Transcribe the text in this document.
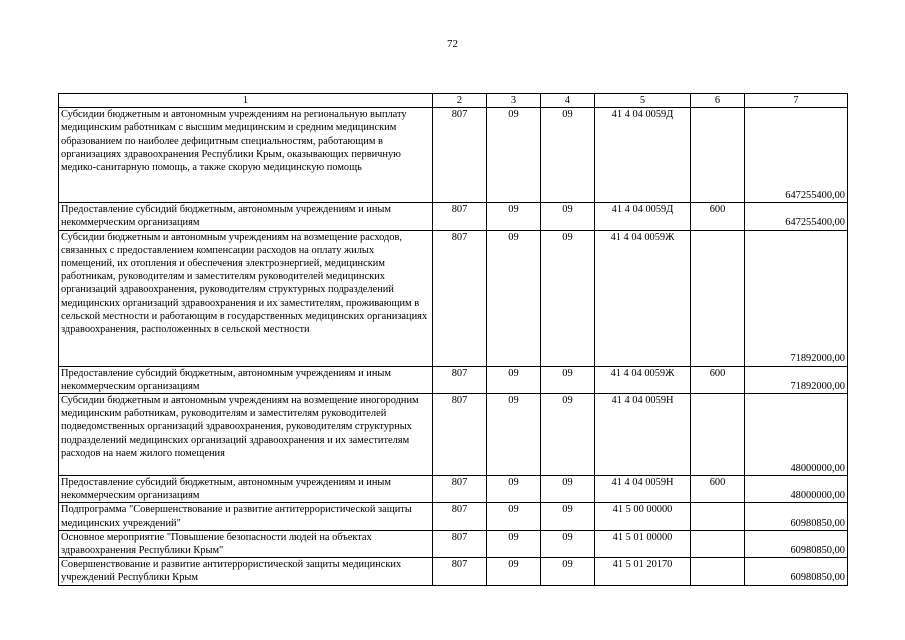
72
1	2	3	4	5	6	7
Субсидии бюджетным и автономным учреждениям на региональную выплату медицинским работникам с высшим медицинским и средним медицинским образованием по наиболее дефицитным специальностям, работающим в организациях здравоохранения Республики Крым, оказывающих первичную медико-санитарную помощь, а также скорую медицинскую помощь	807	09	09	41 4 04 0059Д		647255400,00
Предоставление субсидий бюджетным, автономным учреждениям и иным некоммерческим организациям	807	09	09	41 4 04 0059Д	600	647255400,00
Субсидии бюджетным и автономным учреждениям на возмещение расходов, связанных с предоставлением компенсации расходов на оплату жилых помещений, их отопления и обеспечения электроэнергией, медицинским работникам, руководителям и заместителям руководителей медицинских организаций здравоохранения, руководителям структурных подразделений медицинских организаций здравоохранения и их заместителям, проживающим в сельской местности и работающим в государственных медицинских организациях здравоохранения, расположенных в сельской местности	807	09	09	41 4 04 0059Ж		71892000,00
Предоставление субсидий бюджетным, автономным учреждениям и иным некоммерческим организациям	807	09	09	41 4 04 0059Ж	600	71892000,00
Субсидии бюджетным и автономным учреждениям на возмещение иногородним медицинским работникам, руководителям и заместителям руководителей подведомственных организаций здравоохранения, руководителям структурных подразделений медицинских организаций здравоохранения и их заместителям расходов на наем жилого помещения	807	09	09	41 4 04 0059Н		48000000,00
Предоставление субсидий бюджетным, автономным учреждениям и иным некоммерческим организациям	807	09	09	41 4 04 0059Н	600	48000000,00
Подпрограмма "Совершенствование и развитие антитеррористической защиты медицинских учреждений"	807	09	09	41 5 00 00000		60980850,00
Основное мероприятие "Повышение безопасности людей на объектах здравоохранения Республики Крым"	807	09	09	41 5 01 00000		60980850,00
Совершенствование и развитие антитеррористической защиты медицинских учреждений Республики Крым	807	09	09	41 5 01 20170		60980850,00
